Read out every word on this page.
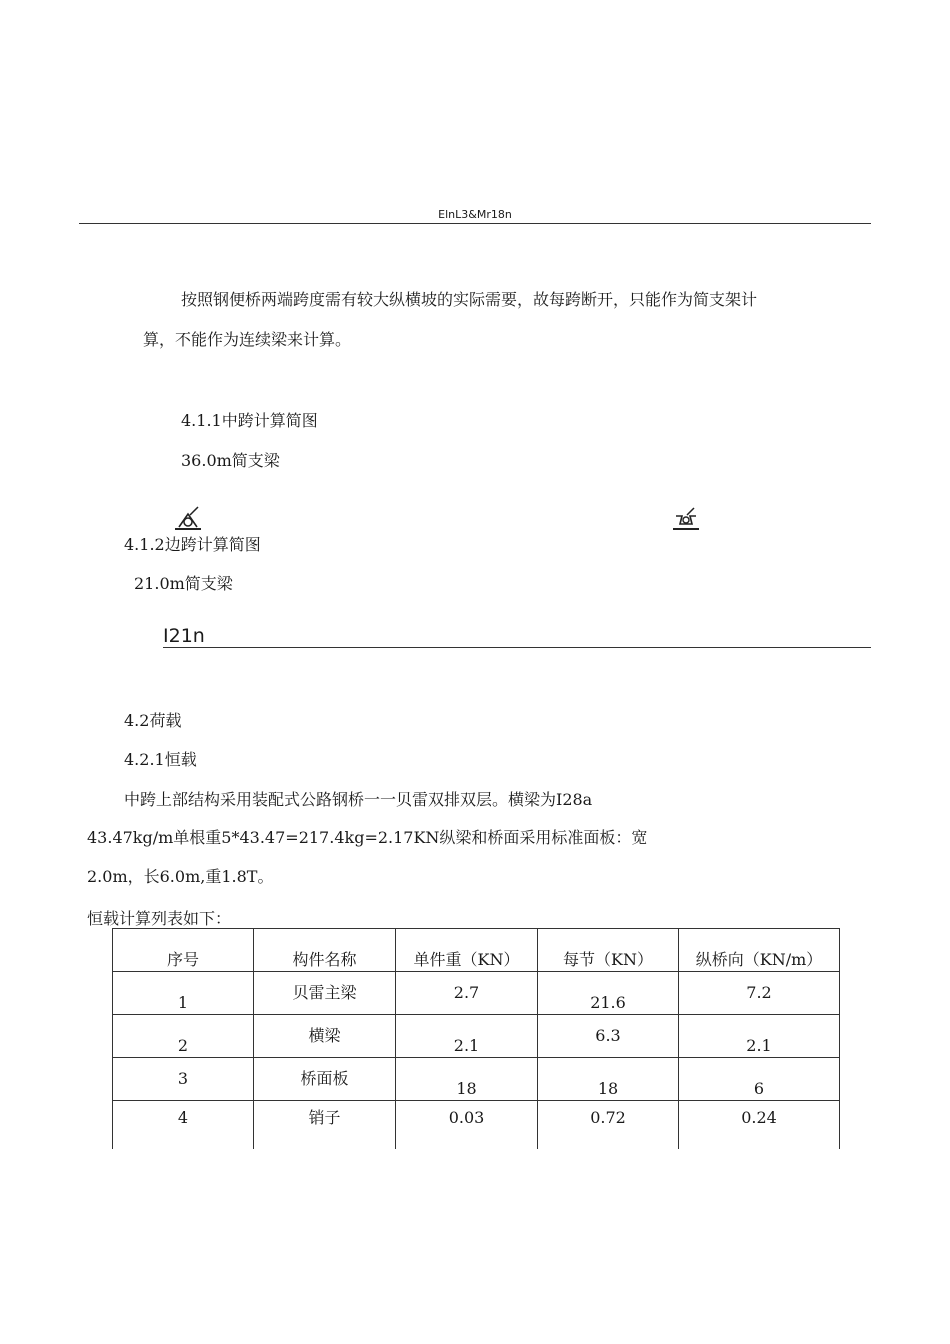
ElnL3&Mr18n
按照钢便桥两端跨度需有较大纵横坡的实际需要，故每跨断开，只能作为简支架计
算，不能作为连续梁来计算。
4.1.1中跨计算简图
36.0m简支梁
4.1.2边跨计算简图
21.0m简支梁
I21n
4.2荷载
4.2.1恒载
中跨上部结构采用装配式公路钢桥一一贝雷双排双层。横梁为I28a
43.47kg/m单根重5*43.47=217.4kg=2.17KN纵梁和桥面采用标准面板：宽
2.0m，长6.0m,重1.8T。
恒载计算列表如下：
序号	构件名称	单件重（KN）	每节（KN）	纵桥向（KN/m）
1	贝雷主梁	2.7	21.6	7.2
2	横梁	2.1	6.3	2.1
3	桥面板	18	18	6
4	销子	0.03	0.72	0.24
